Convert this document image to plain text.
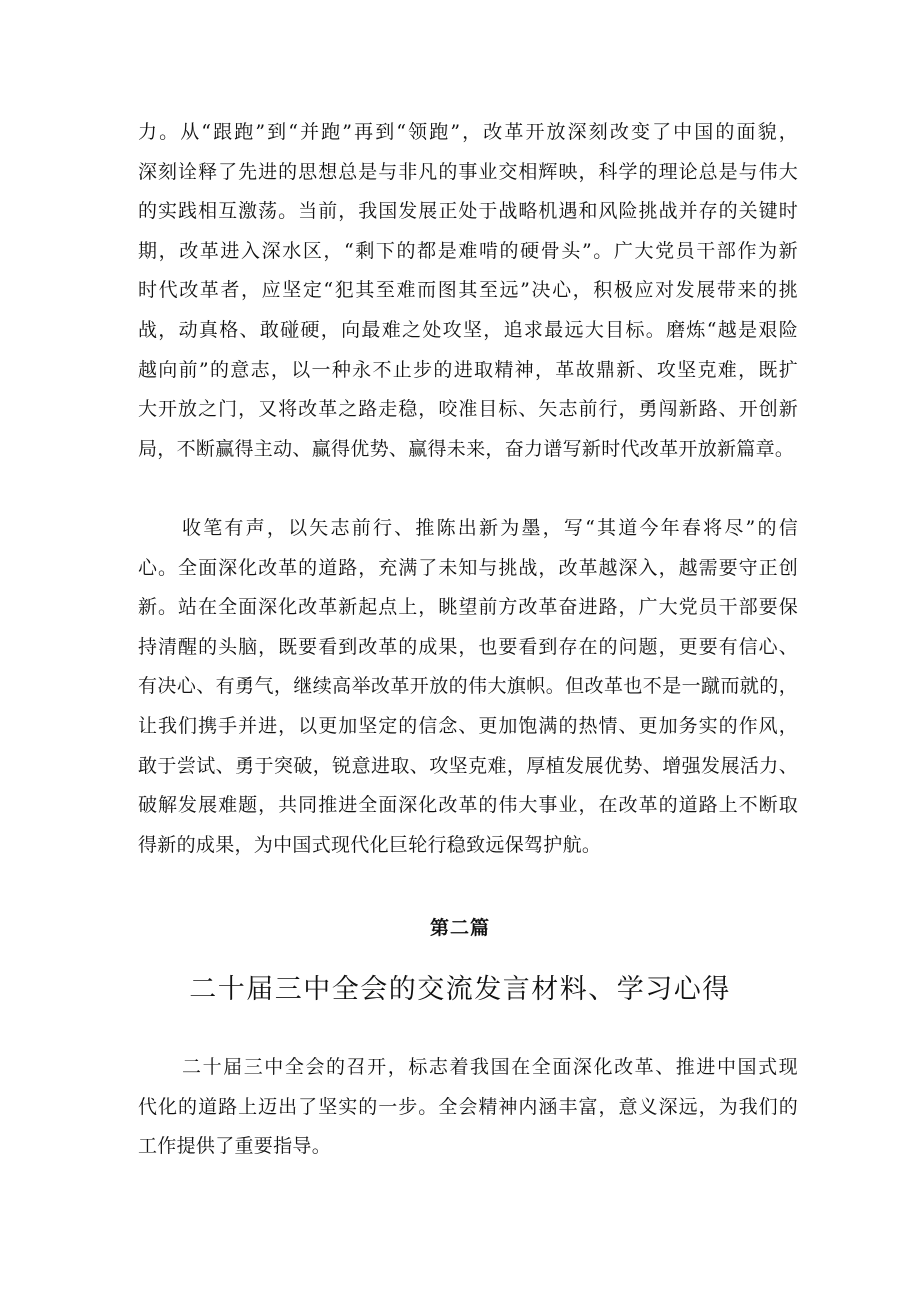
力。从“跟跑”到“并跑”再到“领跑”，改革开放深刻改变了中国的面貌，
深刻诠释了先进的思想总是与非凡的事业交相辉映，科学的理论总是与伟大
的实践相互激荡。当前，我国发展正处于战略机遇和风险挑战并存的关键时
期，改革进入深水区，“剩下的都是难啃的硬骨头”。广大党员干部作为新
时代改革者，应坚定“犯其至难而图其至远”决心，积极应对发展带来的挑
战，动真格、敢碰硬，向最难之处攻坚，追求最远大目标。磨炼“越是艰险
越向前”的意志，以一种永不止步的进取精神，革故鼎新、攻坚克难，既扩
大开放之门，又将改革之路走稳，咬准目标、矢志前行，勇闯新路、开创新
局，不断赢得主动、赢得优势、赢得未来，奋力谱写新时代改革开放新篇章。
收笔有声，以矢志前行、推陈出新为墨，写“其道今年春将尽”的信
心。全面深化改革的道路，充满了未知与挑战，改革越深入，越需要守正创
新。站在全面深化改革新起点上，眺望前方改革奋进路，广大党员干部要保
持清醒的头脑，既要看到改革的成果，也要看到存在的问题，更要有信心、
有决心、有勇气，继续高举改革开放的伟大旗帜。但改革也不是一蹴而就的，
让我们携手并进，以更加坚定的信念、更加饱满的热情、更加务实的作风，
敢于尝试、勇于突破，锐意进取、攻坚克难，厚植发展优势、增强发展活力、
破解发展难题，共同推进全面深化改革的伟大事业，在改革的道路上不断取
得新的成果，为中国式现代化巨轮行稳致远保驾护航。
第二篇
二十届三中全会的交流发言材料、学习心得
二十届三中全会的召开，标志着我国在全面深化改革、推进中国式现
代化的道路上迈出了坚实的一步。全会精神内涵丰富，意义深远，为我们的
工作提供了重要指导。
